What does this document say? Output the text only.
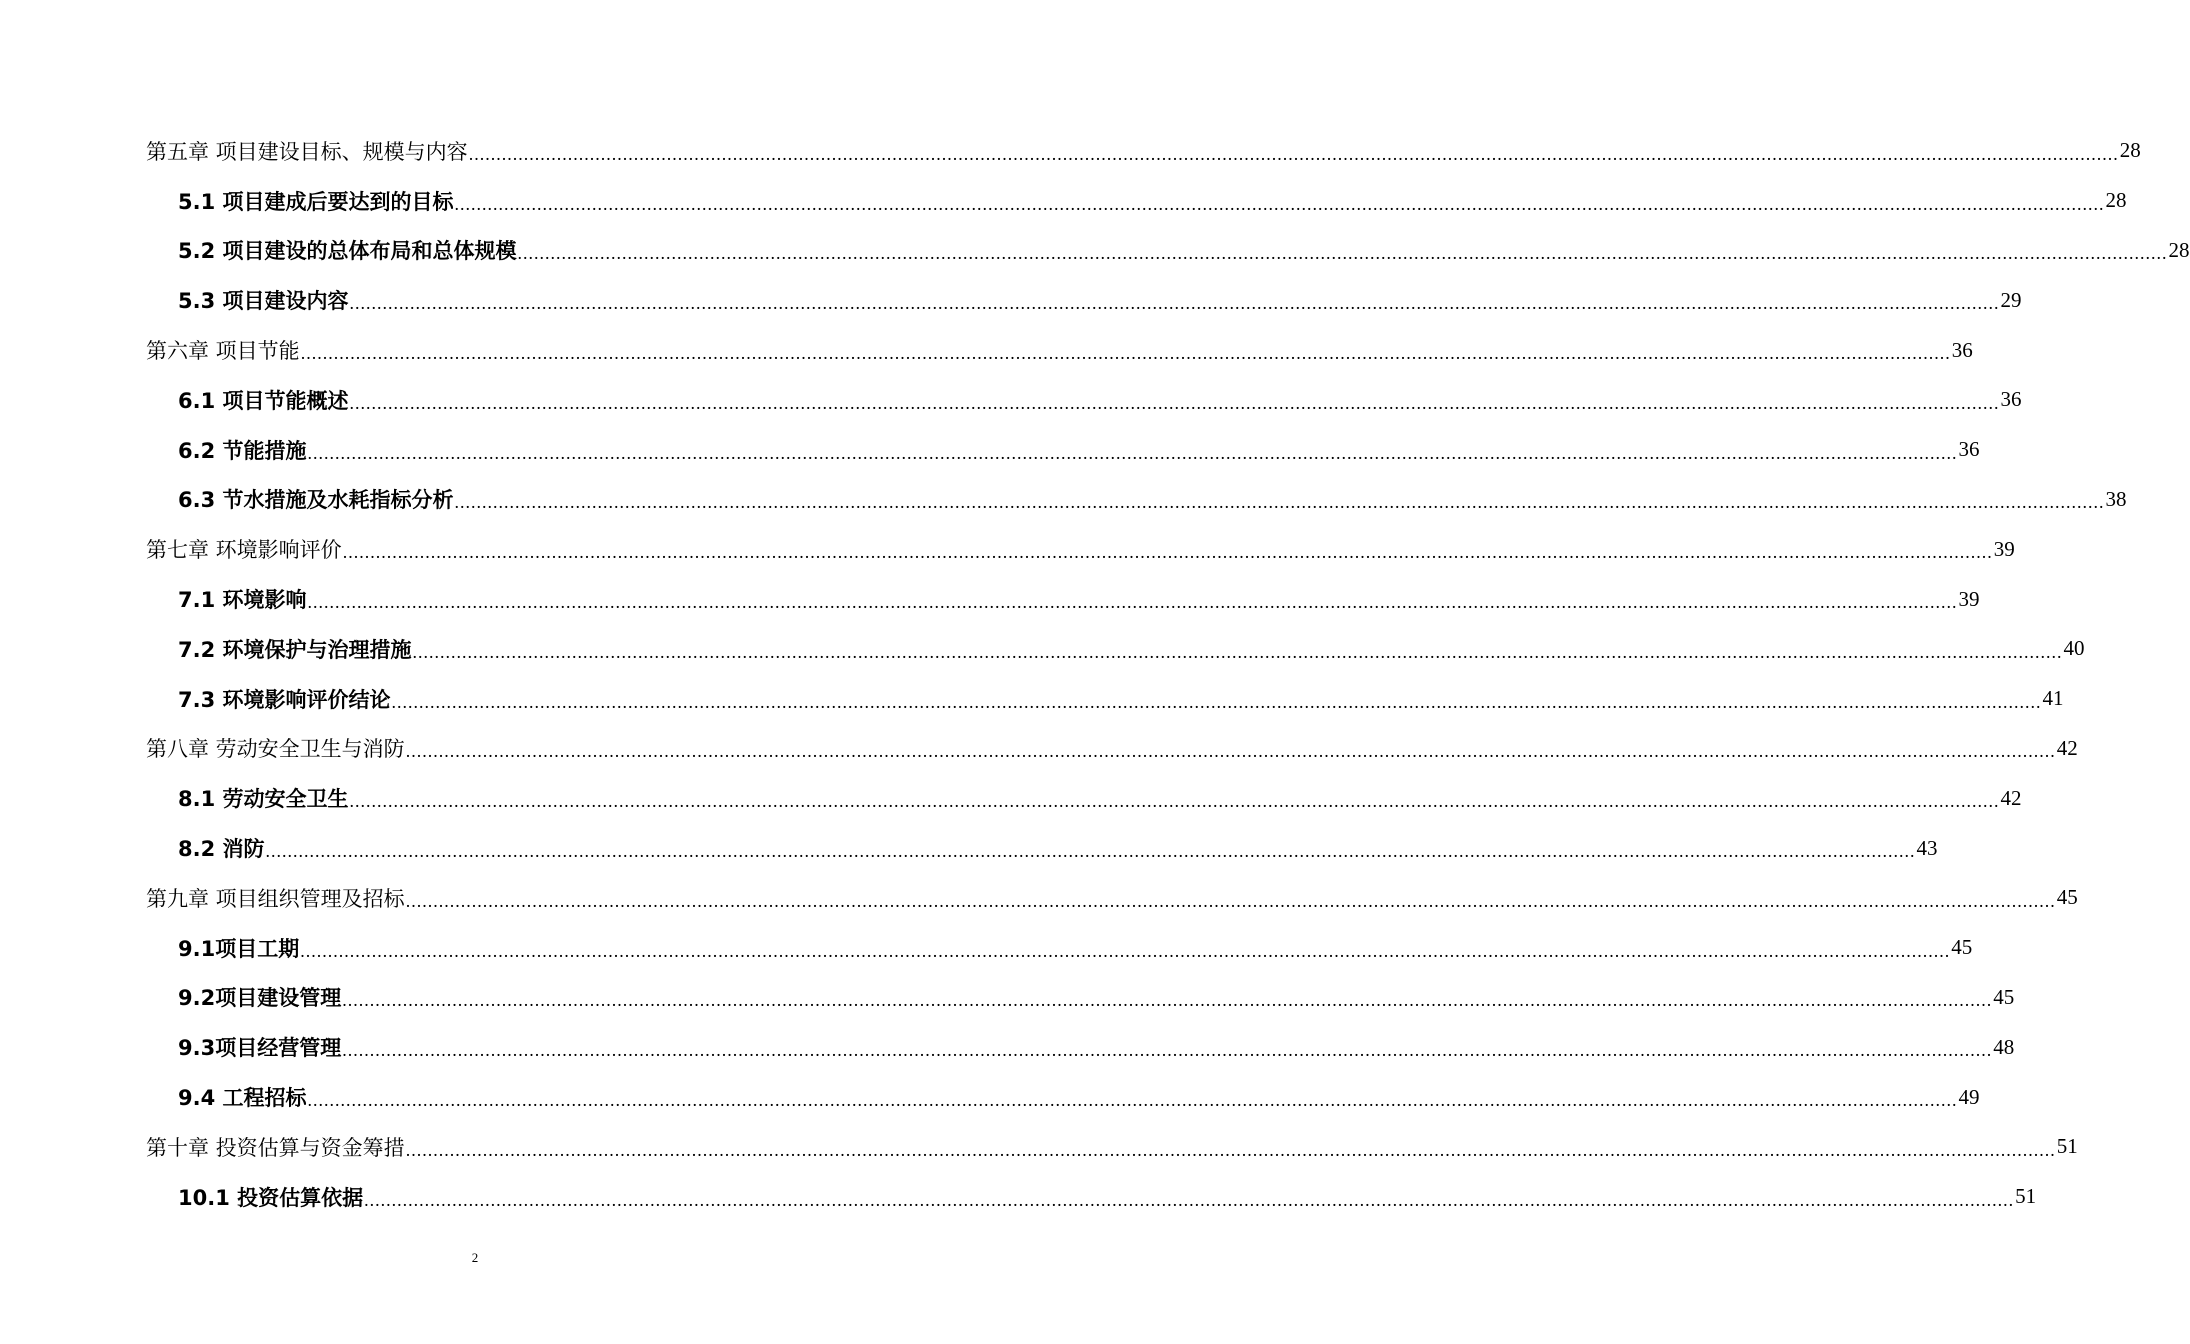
第五章 项目建设目标、规模与内容 ............................................................................................................................................................................................................................................................................................................ 28
5.1 项目建成后要达到的目标 ............................................................................................................................................................................................................................................................................................................ 28
5.2 项目建设的总体布局和总体规模 ............................................................................................................................................................................................................................................................................................................ 28
5.3 项目建设内容 ............................................................................................................................................................................................................................................................................................................ 29
第六章 项目节能 ............................................................................................................................................................................................................................................................................................................ 36
6.1 项目节能概述 ............................................................................................................................................................................................................................................................................................................ 36
6.2 节能措施 ............................................................................................................................................................................................................................................................................................................ 36
6.3 节水措施及水耗指标分析 ............................................................................................................................................................................................................................................................................................................ 38
第七章 环境影响评价 ............................................................................................................................................................................................................................................................................................................ 39
7.1 环境影响 ............................................................................................................................................................................................................................................................................................................ 39
7.2 环境保护与治理措施 ............................................................................................................................................................................................................................................................................................................ 40
7.3 环境影响评价结论 ............................................................................................................................................................................................................................................................................................................ 41
第八章 劳动安全卫生与消防 ............................................................................................................................................................................................................................................................................................................ 42
8.1 劳动安全卫生 ............................................................................................................................................................................................................................................................................................................ 42
8.2 消防 ............................................................................................................................................................................................................................................................................................................ 43
第九章 项目组织管理及招标 ............................................................................................................................................................................................................................................................................................................ 45
9.1项目工期 ............................................................................................................................................................................................................................................................................................................ 45
9.2项目建设管理 ............................................................................................................................................................................................................................................................................................................ 45
9.3项目经营管理 ............................................................................................................................................................................................................................................................................................................ 48
9.4 工程招标 ............................................................................................................................................................................................................................................................................................................ 49
第十章 投资估算与资金筹措 ............................................................................................................................................................................................................................................................................................................ 51
10.1 投资估算依据 ............................................................................................................................................................................................................................................................................................................ 51
2
